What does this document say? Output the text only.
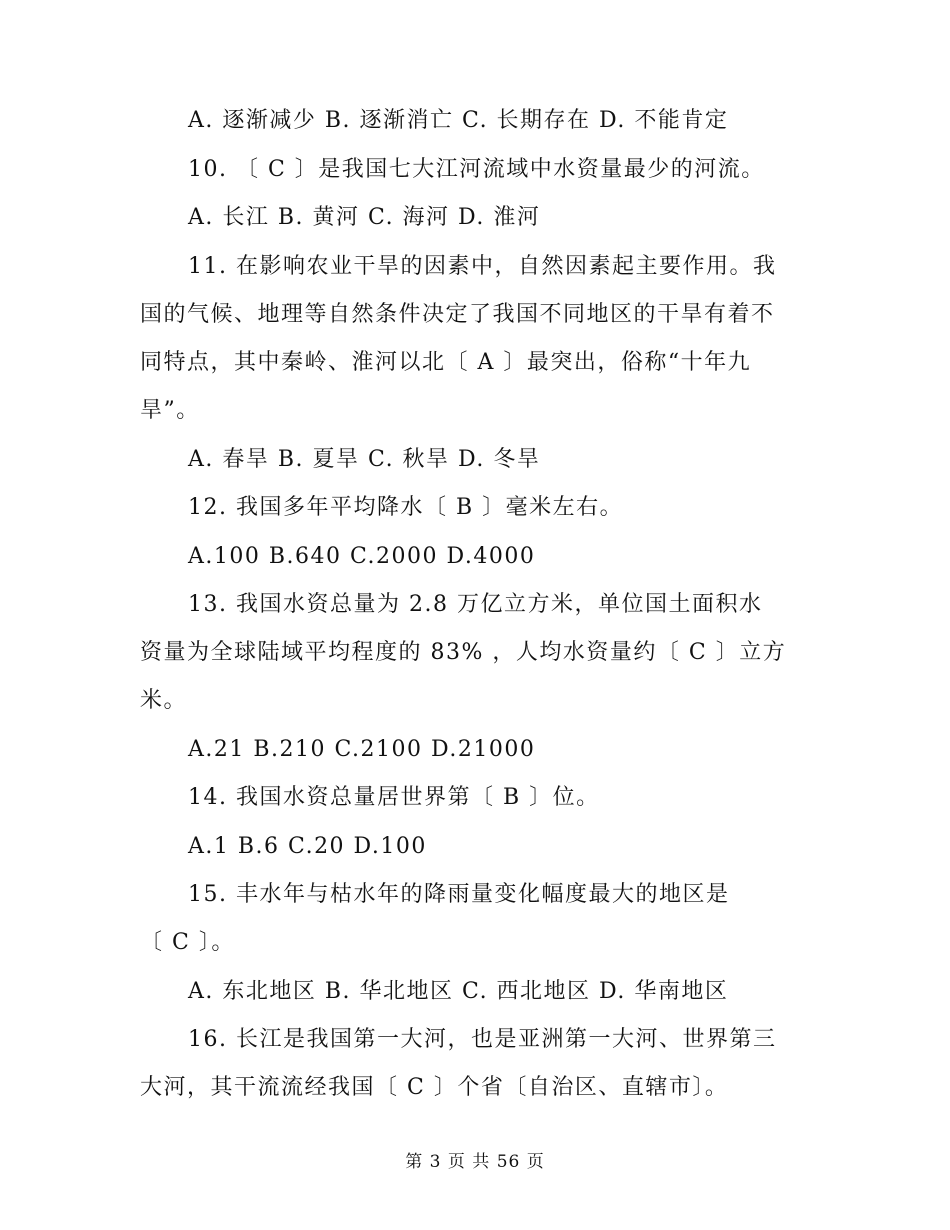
A. 逐渐减少 B. 逐渐消亡 C. 长期存在 D. 不能肯定
10. 〔 C 〕是我国七大江河流域中水资量最少的河流。
A. 长江 B. 黄河 C. 海河 D. 淮河
11. 在影响农业干旱的因素中，自然因素起主要作用。我
国的气候、地理等自然条件决定了我国不同地区的干旱有着不
同特点，其中秦岭、淮河以北〔 A 〕最突出，俗称“十年九
旱”。
A. 春旱 B. 夏旱 C. 秋旱 D. 冬旱
12. 我国多年平均降水〔 B 〕毫米左右。
A.100 B.640 C.2000 D.4000
13. 我国水资总量为 2.8 万亿立方米，单位国土面积水
资量为全球陆域平均程度的 83% ，人均水资量约〔 C 〕立方
米。
A.21 B.210 C.2100 D.21000
14. 我国水资总量居世界第〔 B 〕位。
A.1 B.6 C.20 D.100
15. 丰水年与枯水年的降雨量变化幅度最大的地区是
〔 C 〕。
A. 东北地区 B. 华北地区 C. 西北地区 D. 华南地区
16. 长江是我国第一大河，也是亚洲第一大河、世界第三
大河，其干流流经我国〔 C 〕个省〔自治区、直辖市〕。
第 3 页 共 56 页
